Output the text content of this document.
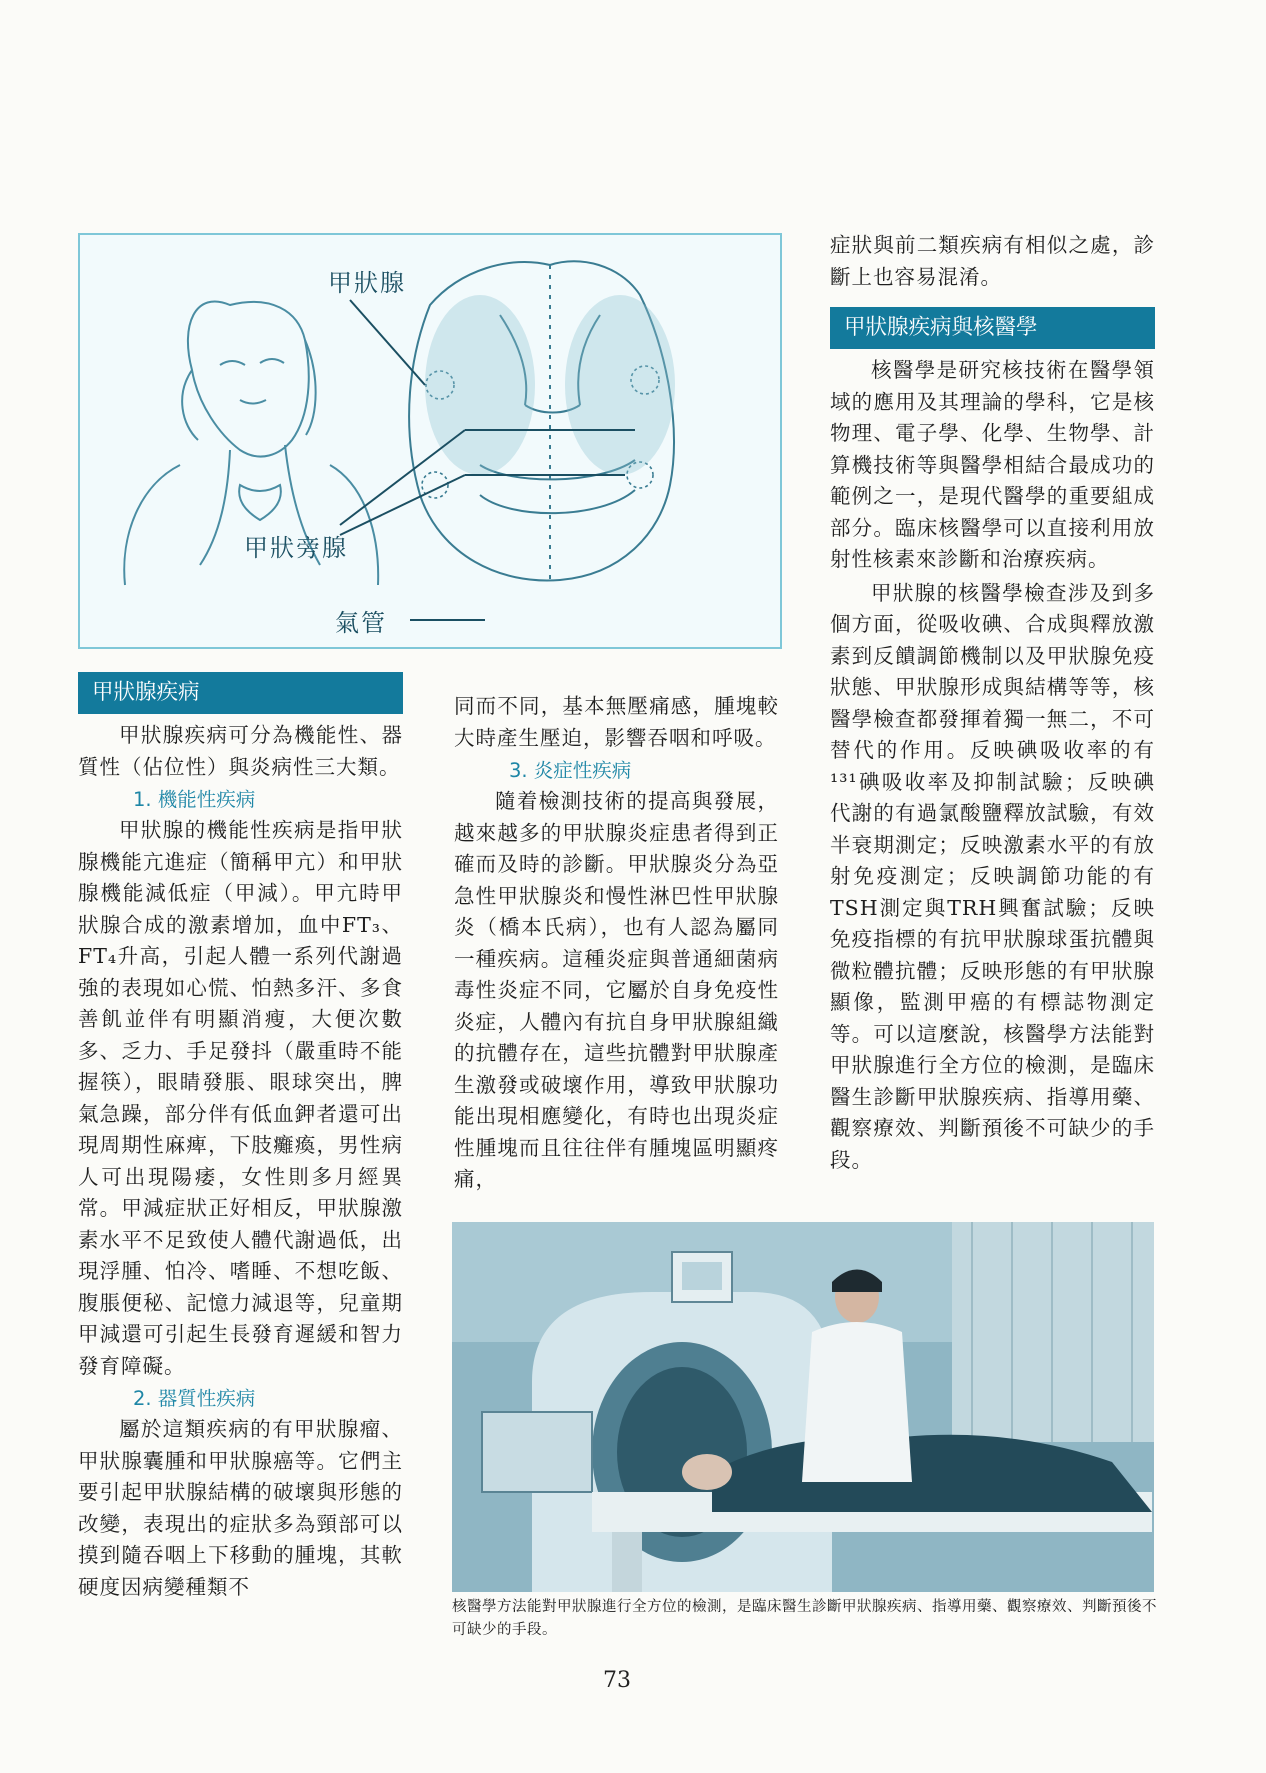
甲狀腺
甲狀旁腺
氣管
甲狀腺疾病

甲狀腺疾病可分為機能性、器質性（佔位性）與炎病性三大類。

1. 機能性疾病

甲狀腺的機能性疾病是指甲狀腺機能亢進症（簡稱甲亢）和甲狀腺機能減低症（甲減）。甲亢時甲狀腺合成的激素增加，血中FT₃、FT₄升高，引起人體一系列代謝過強的表現如心慌、怕熱多汗、多食善飢並伴有明顯消瘦，大便次數多、乏力、手足發抖（嚴重時不能握筷），眼睛發脹、眼球突出，脾氣急躁，部分伴有低血鉀者還可出現周期性麻痺，下肢癱瘓，男性病人可出現陽痿，女性則多月經異常。甲減症狀正好相反，甲狀腺激素水平不足致使人體代謝過低，出現浮腫、怕冷、嗜睡、不想吃飯、腹脹便秘、記憶力減退等，兒童期甲減還可引起生長發育遲緩和智力發育障礙。

2. 器質性疾病

屬於這類疾病的有甲狀腺瘤、甲狀腺囊腫和甲狀腺癌等。它們主要引起甲狀腺結構的破壞與形態的改變，表現出的症狀多為頸部可以摸到隨吞咽上下移動的腫塊，其軟硬度因病變種類不

同而不同，基本無壓痛感，腫塊較大時產生壓迫，影響吞咽和呼吸。

3. 炎症性疾病

隨着檢測技術的提高與發展，越來越多的甲狀腺炎症患者得到正確而及時的診斷。甲狀腺炎分為亞急性甲狀腺炎和慢性淋巴性甲狀腺炎（橋本氏病），也有人認為屬同一種疾病。這種炎症與普通細菌病毒性炎症不同，它屬於自身免疫性炎症，人體內有抗自身甲狀腺組織的抗體存在，這些抗體對甲狀腺產生激發或破壞作用，導致甲狀腺功能出現相應變化，有時也出現炎症性腫塊而且往往伴有腫塊區明顯疼痛，

症狀與前二類疾病有相似之處，診斷上也容易混淆。

甲狀腺疾病與核醫學

核醫學是研究核技術在醫學領域的應用及其理論的學科，它是核物理、電子學、化學、生物學、計算機技術等與醫學相結合最成功的範例之一，是現代醫學的重要組成部分。臨床核醫學可以直接利用放射性核素來診斷和治療疾病。

甲狀腺的核醫學檢查涉及到多個方面，從吸收碘、合成與釋放激素到反饋調節機制以及甲狀腺免疫狀態、甲狀腺形成與結構等等，核醫學檢查都發揮着獨一無二，不可替代的作用。反映碘吸收率的有¹³¹碘吸收率及抑制試驗；反映碘代謝的有過氯酸鹽釋放試驗，有效半衰期測定；反映激素水平的有放射免疫測定；反映調節功能的有TSH測定與TRH興奮試驗；反映免疫指標的有抗甲狀腺球蛋抗體與微粒體抗體；反映形態的有甲狀腺顯像，監測甲癌的有標誌物測定等。可以這麼說，核醫學方法能對甲狀腺進行全方位的檢測，是臨床醫生診斷甲狀腺疾病、指導用藥、觀察療效、判斷預後不可缺少的手段。

核醫學方法能對甲狀腺進行全方位的檢測，是臨床醫生診斷甲狀腺疾病、指導用藥、觀察療效、判斷預後不可缺少的手段。
73
